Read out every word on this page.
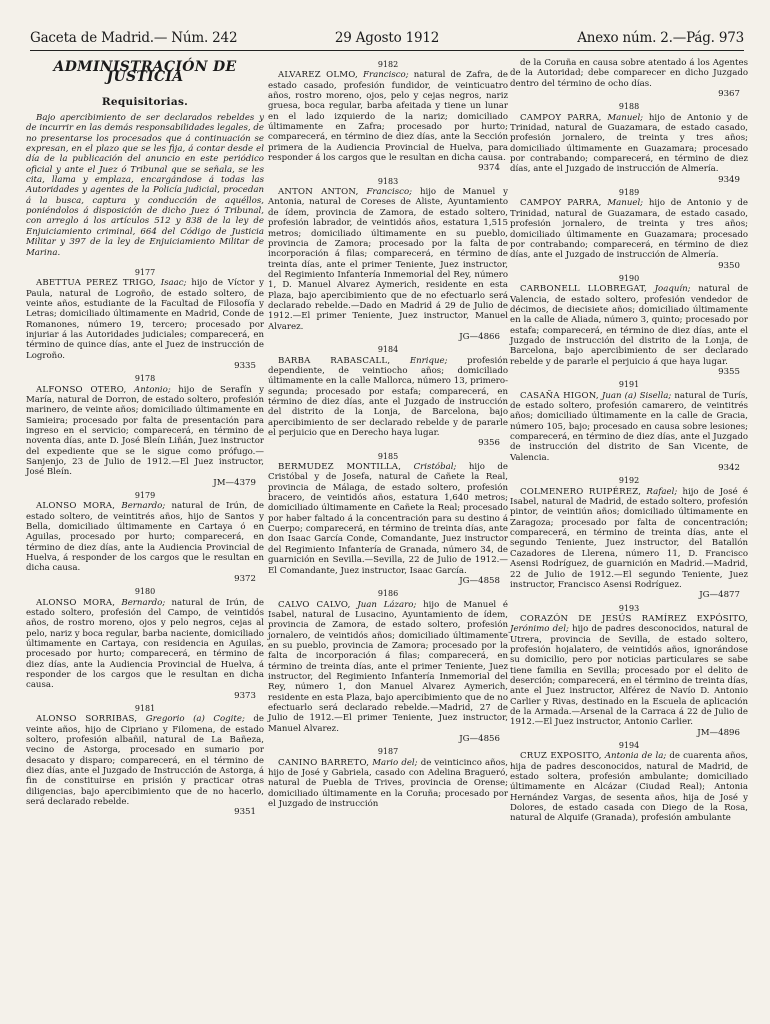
Gaceta de Madrid.— Núm. 242	29 Agosto 1912	Anexo núm. 2.—Pág. 973
ADMINISTRACIÓN DE JUSTICIA
Requisitorias.

Bajo apercibimiento de ser declarados rebeldes y de incurrir en las demás responsabilidades legales, de no presentarse los procesados que á continuación se expresan, en el plazo que se les fija, á contar desde el día de la publicación del anuncio en este periódico oficial y ante el Juez ó Tribunal que se señala, se les cita, llama y emplaza, encargándose á todas las Autoridades y agentes de la Policía judicial, procedan á la busca, captura y conducción de aquéllos, poniéndolos á disposición de dicho Juez ó Tribunal, con arreglo á los artículos 512 y 838 de la ley de Enjuiciamiento criminal, 664 del Código de Justicia Militar y 397 de la ley de Enjuiciamiento Militar de Marina.

9177

ABETTUA PEREZ TRIGO, Isaac; hijo de Víctor y Paula, natural de Logroño, de estado soltero, de veinte años, estudiante de la Facultad de Filosofía y Letras; domiciliado últimamente en Madrid, Conde de Romanones, número 19, tercero; procesado por injuriar á las Autoridades judiciales; comparecerá, en término de quince días, ante el Juez de instrucción de Logroño.

9335

9178

ALFONSO OTERO, Antonio; hijo de Serafín y María, natural de Dorron, de estado soltero, profesión marinero, de veinte años; domiciliado últimamente en Samieira; procesado por falta de presentación para ingreso en el servicio; comparecerá, en término de noventa días, ante D. José Bleín Liñán, Juez instructor del expediente que se le sigue como prófugo.—Sanjenjo, 23 de Julio de 1912.—El Juez instructor, José Bleín.

JM—4379

9179

ALONSO MORA, Bernardo; natural de Irún, de estado soltero, de veintitrés años, hijo de Santos y Bella, domiciliado últimamente en Cartaya ó en Aguilas, procesado por hurto; comparecerá, en término de diez días, ante la Audiencia Provincial de Huelva, á responder de los cargos que le resultan en dicha causa.

9372

9180

ALONSO MORA, Bernardo; natural de Irún, de estado soltero, profesión del Campo, de veintidós años, de rostro moreno, ojos y pelo negros, cejas al pelo, nariz y boca regular, barba naciente, domiciliado últimamente en Cartaya, con residencia en Aguilas, procesado por hurto; comparecerá, en término de diez días, ante la Audiencia Provincial de Huelva, á responder de los cargos que le resultan en dicha causa.

9373

9181

ALONSO SORRIBAS, Gregorio (a) Cogite; de veinte años, hijo de Cipriano y Filomena, de estado soltero, profesión albañil, natural de La Bañeza, vecino de Astorga, procesado en sumario por desacato y disparo; comparecerá, en el término de diez días, ante el Juzgado de Instrucción de Astorga, á fin de constituirse en prisión y practicar otras diligencias, bajo apercibimiento que de no hacerlo, será declarado rebelde.

9351

9182

ALVAREZ OLMO, Francisco; natural de Zafra, de estado casado, profesión fundidor, de veinticuatro años, rostro moreno, ojos, pelo y cejas negros, nariz gruesa, boca regular, barba afeitada y tiene un lunar en el lado izquierdo de la nariz; domiciliado últimamente en Zafra; procesado por hurto; comparecerá, en término de diez días, ante la Sección primera de la Audiencia Provincial de Huelva, para responder á los cargos que le resultan en dicha causa.

9374

9183

ANTON ANTON, Francisco; hijo de Manuel y Antonia, natural de Coreses de Aliste, Ayuntamiento de ídem, provincia de Zamora, de estado soltero, profesión labrador, de veintidós años, estatura 1,515 metros; domiciliado últimamente en su pueblo, provincia de Zamora; procesado por la falta de incorporación á filas; comparecerá, en término de treinta días, ante el primer Teniente, Juez instructor, del Regimiento Infantería Inmemorial del Rey, número 1, D. Manuel Alvarez Aymerich, residente en esta Plaza, bajo apercibimiento que de no efectuarlo será declarado rebelde.—Dado en Madrid á 29 de Julio de 1912.—El primer Teniente, Juez instructor, Manuel Alvarez.

JG—4866

9184

BARBA RABASCALL, Enrique; profesión dependiente, de veintiocho años; domiciliado últimamente en la calle Mallorca, número 13, primero-segunda; procesado por estafa; comparecerá, en término de diez días, ante el Juzgado de instrucción del distrito de la Lonja, de Barcelona, bajo apercibimiento de ser declarado rebelde y de pararle el perjuicio que en Derecho haya lugar.

9356

9185

BERMUDEZ MONTILLA, Cristóbal; hijo de Cristóbal y de Josefa, natural de Cañete la Real, provincia de Málaga, de estado soltero, profesión bracero, de veintidós años, estatura 1,640 metros; domiciliado últimamente en Cañete la Real; procesado por haber faltado á la concentración para su destino á Cuerpo; comparecerá, en término de treinta días, ante don Isaac García Conde, Comandante, Juez instructor del Regimiento Infantería de Granada, número 34, de guarnición en Sevilla.—Sevilla, 22 de Julio de 1912.—El Comandante, Juez instructor, Isaac García.

JG—4858

9186

CALVO CALVO, Juan Lázaro; hijo de Manuel é Isabel, natural de Lusacino, Ayuntamiento de ídem, provincia de Zamora, de estado soltero, profesión jornalero, de veintidós años; domiciliado últimamente en su pueblo, provincia de Zamora; procesado por la falta de incorporación á filas; comparecerá, en término de treinta días, ante el primer Teniente, Juez instructor, del Regimiento Infantería Inmemorial del Rey, número 1, don Manuel Alvarez Aymerich, residente en esta Plaza, bajo apercibimiento que de no efectuarlo será declarado rebelde.—Madrid, 27 de Julio de 1912.—El primer Teniente, Juez instructor, Manuel Alvarez.

JG—4856

9187

CANINO BARRETO, Mario del; de veinticinco años, hijo de José y Gabriela, casado con Adelina Bragueró, natural de Puebla de Trives, provincia de Orense; domiciliado últimamente en la Coruña; procesado por el Juzgado de instrucción

de la Coruña en causa sobre atentado á los Agentes de la Autoridad; debe comparecer en dicho Juzgado dentro del término de ocho días.

9367

9188

CAMPOY PARRA, Manuel; hijo de Antonio y de Trinidad, natural de Guazamara, de estado casado, profesión jornalero, de treinta y tres años; domiciliado últimamente en Guazamara; procesado por contrabando; comparecerá, en término de diez días, ante el Juzgado de instrucción de Almería.

9349

9189

CAMPOY PARRA, Manuel; hijo de Antonio y de Trinidad, natural de Guazamara, de estado casado, profesión jornalero, de treinta y tres años; domiciliado últimamente en Guazamara; procesado por contrabando; comparecerá, en término de diez días, ante el Juzgado de instrucción de Almería.

9350

9190

CARBONELL LLOBREGAT, Joaquín; natural de Valencia, de estado soltero, profesión vendedor de décimos, de diecisiete años; domiciliado últimamente en la calle de Aliada, número 3, quinto; procesado por estafa; comparecerá, en término de diez días, ante el Juzgado de instrucción del distrito de la Lonja, de Barcelona, bajo apercibimiento de ser declarado rebelde y de pararle el perjuicio á que haya lugar.

9355

9191

CASAÑA HIGON, Juan (a) Sisella; natural de Turís, de estado soltero, profesión camarero, de veintitrés años; domiciliado últimamente en la calle de Gracia, número 105, bajo; procesado en causa sobre lesiones; comparecerá, en término de diez días, ante el Juzgado de instrucción del distrito de San Vicente, de Valencia.

9342

9192

COLMENERO RUIPÉREZ, Rafael; hijo de José é Isabel, natural de Madrid, de estado soltero, profesión pintor, de veintiún años; domiciliado últimamente en Zaragoza; procesado por falta de concentración; comparecerá, en término de treinta días, ante el segundo Teniente, Juez instructor, del Batallón Cazadores de Llerena, número 11, D. Francisco Asensi Rodríguez, de guarnición en Madrid.—Madrid, 22 de Julio de 1912.—El segundo Teniente, Juez instructor, Francisco Asensi Rodríguez.

JG—4877

9193

CORAZÓN DE JESÚS RAMÍREZ EXPÓSITO, Jerónimo del; hijo de padres desconocidos, natural de Utrera, provincia de Sevilla, de estado soltero, profesión hojalatero, de veintidós años, ignorándose su domicilio, pero por noticias particulares se sabe tiene familia en Sevilla; procesado por el delito de deserción; comparecerá, en el término de treinta días, ante el Juez instructor, Alférez de Navío D. Antonio Carlier y Rivas, destinado en la Escuela de aplicación de la Armada.—Arsenal de la Carraca á 22 de Julio de 1912.—El Juez instructor, Antonio Carlier.

JM—4896

9194

CRUZ EXPOSITO, Antonia de la; de cuarenta años, hija de padres desconocidos, natural de Madrid, de estado soltera, profesión ambulante; domiciliado últimamente en Alcázar (Ciudad Real); Antonia Hernández Vargas, de sesenta años, hija de José y Dolores, de estado casada con Diego de la Rosa, natural de Alquife (Granada), profesión ambulante
